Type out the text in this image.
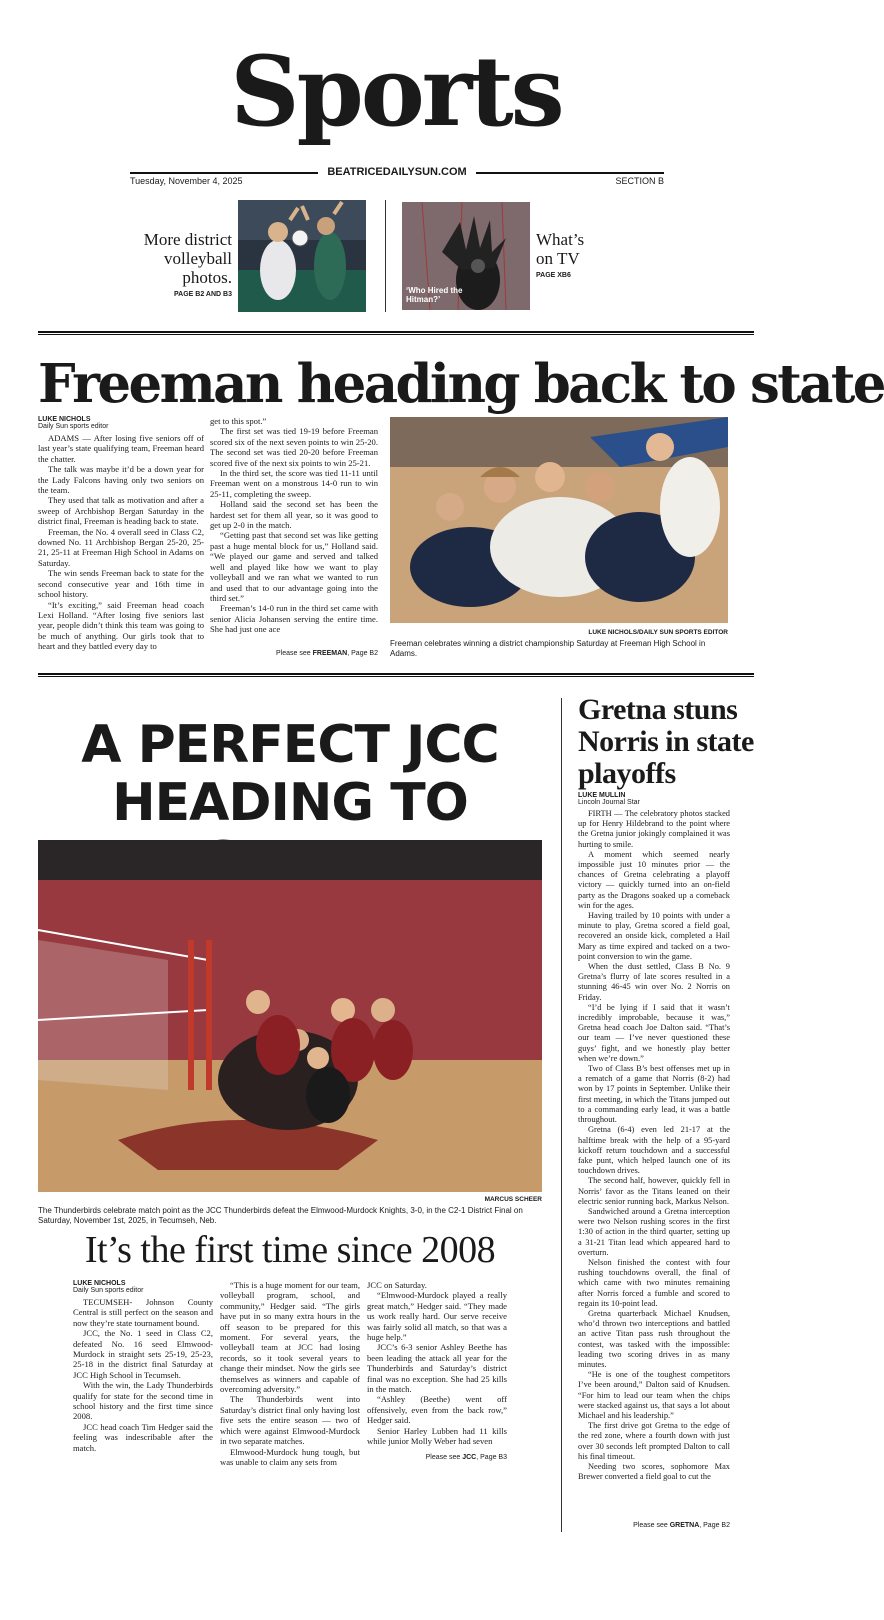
Sports
BEATRICEDAILYSUN.COM
Tuesday, November 4, 2025	SECTION B
More district volleyball photos.
PAGE B2 AND B3	‘Who Hired the Hitman?’
What’s on TV
PAGE XB6
Freeman heading back to state
LUKE NICHOLS
Daily Sun sports editor

ADAMS — After losing five seniors off of last year’s state qualifying team, Freeman heard the chatter.

The talk was maybe it’d be a down year for the Lady Falcons having only two seniors on the team.

They used that talk as motivation and after a sweep of Archbishop Bergan Saturday in the district final, Freeman is heading back to state.

Freeman, the No. 4 overall seed in Class C2, downed No. 11 Archbishop Bergan 25-20, 25-21, 25-11 at Freeman High School in Adams on Saturday.

The win sends Freeman back to state for the second consecutive year and 16th time in school history.

“It’s exciting,” said Freeman head coach Lexi Holland. “After losing five seniors last year, people didn’t think this team was going to be much of anything. Our girls took that to heart and they battled every day to

get to this spot.”

The first set was tied 19-19 before Freeman scored six of the next seven points to win 25-20. The second set was tied 20-20 before Freeman scored five of the next six points to win 25-21.

In the third set, the score was tied 11-11 until Freeman went on a monstrous 14-0 run to win 25-11, completing the sweep.

Holland said the second set has been the hardest set for them all year, so it was good to get up 2-0 in the match.

“Getting past that second set was like getting past a huge mental block for us,” Holland said. “We played our game and served and talked well and played like how we want to play volleyball and we ran what we wanted to run and used that to our advantage going into the third set.”

Freeman’s 14-0 run in the third set came with senior Alicia Johansen serving the entire time. She had just one ace

Please see FREEMAN, Page B2
LUKE NICHOLS/DAILY SUN SPORTS EDITOR
Freeman celebrates winning a district championship Saturday at Freeman High School in Adams.
A PERFECT JCC
HEADING TO
MARCUS SCHEER
The Thunderbirds celebrate match point as the JCC Thunderbirds defeat the Elmwood-Murdock Knights, 3-0, in the C2-1 District Final on Saturday, November 1st, 2025, in Tecumseh, Neb.
It’s the first time since 2008
LUKE NICHOLS
Daily Sun sports editor

TECUMSEH- Johnson County Central is still perfect on the season and now they’re state tournament bound.

JCC, the No. 1 seed in Class C2, defeated No. 16 seed Elmwood-Murdock in straight sets 25-19, 25-23, 25-18 in the district final Saturday at JCC High School in Tecumseh.

With the win, the Lady Thunderbirds qualify for state for the second time in school history and the first time since 2008.

JCC head coach Tim Hedger said the feeling was indescribable after the match.

“This is a huge moment for our team, volleyball program, school, and community,” Hedger said. “The girls have put in so many extra hours in the off season to be prepared for this moment. For several years, the volleyball team at JCC had losing records, so it took several years to change their mindset. Now the girls see themselves as winners and capable of overcoming adversity.”

The Thunderbirds went into Saturday’s district final only having lost five sets the entire season — two of which were against Elmwood-Murdock in two separate matches.

Elmwood-Murdock hung tough, but was unable to claim any sets from

JCC on Saturday.

“Elmwood-Murdock played a really great match,” Hedger said. “They made us work really hard. Our serve receive was fairly solid all match, so that was a huge help.”

JCC’s 6-3 senior Ashley Beethe has been leading the attack all year for the Thunderbirds and Saturday’s district final was no exception. She had 25 kills in the match.

“Ashley (Beethe) went off offensively, even from the back row,” Hedger said.

Senior Harley Lubben had 11 kills while junior Molly Weber had seven

Please see JCC, Page B3
Gretna stuns Norris in state playoffs
LUKE MULLIN
Lincoln Journal Star

FIRTH — The celebratory photos stacked up for Henry Hildebrand to the point where the Gretna junior jokingly complained it was hurting to smile.

A moment which seemed nearly impossible just 10 minutes prior — the chances of Gretna celebrating a playoff victory — quickly turned into an on-field party as the Dragons soaked up a comeback win for the ages.

Having trailed by 10 points with under a minute to play, Gretna scored a field goal, recovered an onside kick, completed a Hail Mary as time expired and tacked on a two-point conversion to win the game.

When the dust settled, Class B No. 9 Gretna’s flurry of late scores resulted in a stunning 46-45 win over No. 2 Norris on Friday.

“I’d be lying if I said that it wasn’t incredibly improbable, because it was,” Gretna head coach Joe Dalton said. “That’s our team — I’ve never questioned these guys’ fight, and we honestly play better when we’re down.”

Two of Class B’s best offenses met up in a rematch of a game that Norris (8-2) had won by 17 points in September. Unlike their first meeting, in which the Titans jumped out to a commanding early lead, it was a battle throughout.

Gretna (6-4) even led 21-17 at the halftime break with the help of a 95-yard kickoff return touchdown and a successful fake punt, which helped launch one of its touchdown drives.

The second half, however, quickly fell in Norris’ favor as the Titans leaned on their electric senior running back, Markus Nelson.

Sandwiched around a Gretna interception were two Nelson rushing scores in the first 1:30 of action in the third quarter, setting up a 31-21 Titan lead which appeared hard to overturn.

Nelson finished the contest with four rushing touchdowns overall, the final of which came with two minutes remaining after Norris forced a fumble and scored to regain its 10-point lead.

Gretna quarterback Michael Knudsen, who’d thrown two interceptions and battled an active Titan pass rush throughout the contest, was tasked with the impossible: leading two scoring drives in as many minutes.

“He is one of the toughest competitors I’ve been around,” Dalton said of Knudsen. “For him to lead our team when the chips were stacked against us, that says a lot about Michael and his leadership.”

The first drive got Gretna to the edge of the red zone, where a fourth down with just over 30 seconds left prompted Dalton to call his final timeout.

Needing two scores, sophomore Max Brewer converted a field goal to cut the

Please see GRETNA, Page B2
